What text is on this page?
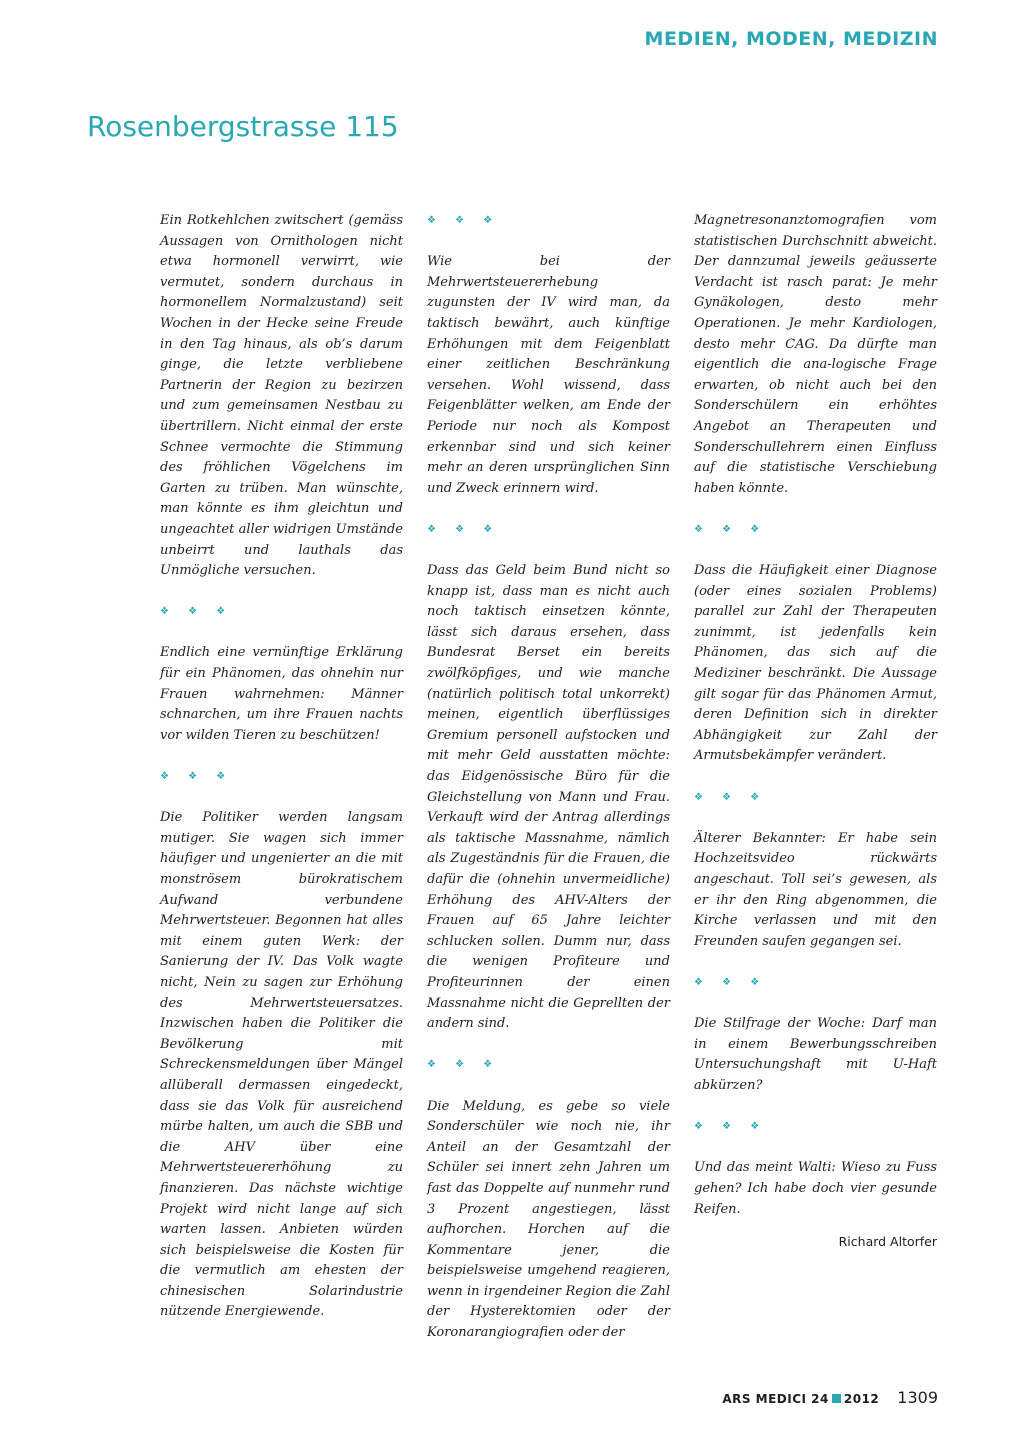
MEDIEN, MODEN, MEDIZIN
Rosenbergstrasse 115

Ein Rotkehlchen zwitschert (gemäss Aussagen von Ornithologen nicht etwa hormonell verwirrt, wie vermutet, sondern durchaus in hormonellem Normalzustand) seit Wochen in der Hecke seine Freude in den Tag hinaus, als ob’s darum ginge, die letzte verbliebene Partnerin der Region zu bezirzen und zum gemeinsamen Nestbau zu übertrillern. Nicht einmal der erste Schnee vermochte die Stimmung des fröhlichen Vögelchens im Garten zu trüben. Man wünschte, man könnte es ihm gleichtun und ungeachtet aller widrigen Umstände unbeirrt und lauthals das Unmögliche versuchen.

❖ ❖ ❖

Endlich eine vernünftige Erklärung für ein Phänomen, das ohnehin nur Frauen wahrnehmen: Männer schnarchen, um ihre Frauen nachts vor wilden Tieren zu beschützen!

❖ ❖ ❖

Die Politiker werden langsam mutiger. Sie wagen sich immer häufiger und ungenierter an die mit monströsem bürokratischem Aufwand verbundene Mehrwertsteuer. Begonnen hat alles mit einem guten Werk: der Sanierung der IV. Das Volk wagte nicht, Nein zu sagen zur Erhöhung des Mehrwertsteuersatzes. Inzwischen haben die Politiker die Bevölkerung mit Schreckensmeldungen über Mängel allüberall dermassen eingedeckt, dass sie das Volk für ausreichend mürbe halten, um auch die SBB und die AHV über eine Mehrwertsteuererhöhung zu finanzieren. Das nächste wichtige Projekt wird nicht lange auf sich warten lassen. Anbieten würden sich beispielsweise die Kosten für die vermutlich am ehesten der chinesischen Solarindustrie nützende Energiewende.

❖ ❖ ❖

Wie bei der Mehrwertsteuererhebung zugunsten der IV wird man, da taktisch bewährt, auch künftige Erhöhungen mit dem Feigenblatt einer zeitlichen Beschränkung versehen. Wohl wissend, dass Feigenblätter welken, am Ende der Periode nur noch als Kompost erkennbar sind und sich keiner mehr an deren ursprünglichen Sinn und Zweck erinnern wird.

❖ ❖ ❖

Dass das Geld beim Bund nicht so knapp ist, dass man es nicht auch noch taktisch einsetzen könnte, lässt sich daraus ersehen, dass Bundesrat Berset ein bereits zwölfköpfiges, und wie manche (natürlich politisch total unkorrekt) meinen, eigentlich überflüssiges Gremium personell aufstocken und mit mehr Geld ausstatten möchte: das Eidgenössische Büro für die Gleichstellung von Mann und Frau. Verkauft wird der Antrag allerdings als taktische Massnahme, nämlich als Zugeständnis für die Frauen, die dafür die (ohnehin unvermeidliche) Erhöhung des AHV-Alters der Frauen auf 65 Jahre leichter schlucken sollen. Dumm nur, dass die wenigen Profiteure und Profiteurinnen der einen Massnahme nicht die Geprellten der andern sind.

❖ ❖ ❖

Die Meldung, es gebe so viele Sonderschüler wie noch nie, ihr Anteil an der Gesamtzahl der Schüler sei innert zehn Jahren um fast das Doppelte auf nunmehr rund 3 Prozent angestiegen, lässt aufhorchen. Horchen auf die Kommentare jener, die beispielsweise umgehend reagieren, wenn in irgendeiner Region die Zahl der Hysterektomien oder der Koronarangiografien oder der

Magnetresonanztomografien vom statistischen Durchschnitt abweicht. Der dannzumal jeweils geäusserte Verdacht ist rasch parat: Je mehr Gynäkologen, desto mehr Operationen. Je mehr Kardiologen, desto mehr CAG. Da dürfte man eigentlich die ana-logische Frage erwarten, ob nicht auch bei den Sonderschülern ein erhöhtes Angebot an Therapeuten und Sonderschullehrern einen Einfluss auf die statistische Verschiebung haben könnte.

❖ ❖ ❖

Dass die Häufigkeit einer Diagnose (oder eines sozialen Problems) parallel zur Zahl der Therapeuten zunimmt, ist jedenfalls kein Phänomen, das sich auf die Mediziner beschränkt. Die Aussage gilt sogar für das Phänomen Armut, deren Definition sich in direkter Abhängigkeit zur Zahl der Armutsbekämpfer verändert.

❖ ❖ ❖

Älterer Bekannter: Er habe sein Hochzeitsvideo rückwärts angeschaut. Toll sei’s gewesen, als er ihr den Ring abgenommen, die Kirche verlassen und mit den Freunden saufen gegangen sei.

❖ ❖ ❖

Die Stilfrage der Woche: Darf man in einem Bewerbungsschreiben Untersuchungshaft mit U-Haft abkürzen?

❖ ❖ ❖

Und das meint Walti: Wieso zu Fuss gehen? Ich habe doch vier gesunde Reifen.

Richard Altorfer
ARS MEDICI 24 2012 1309
